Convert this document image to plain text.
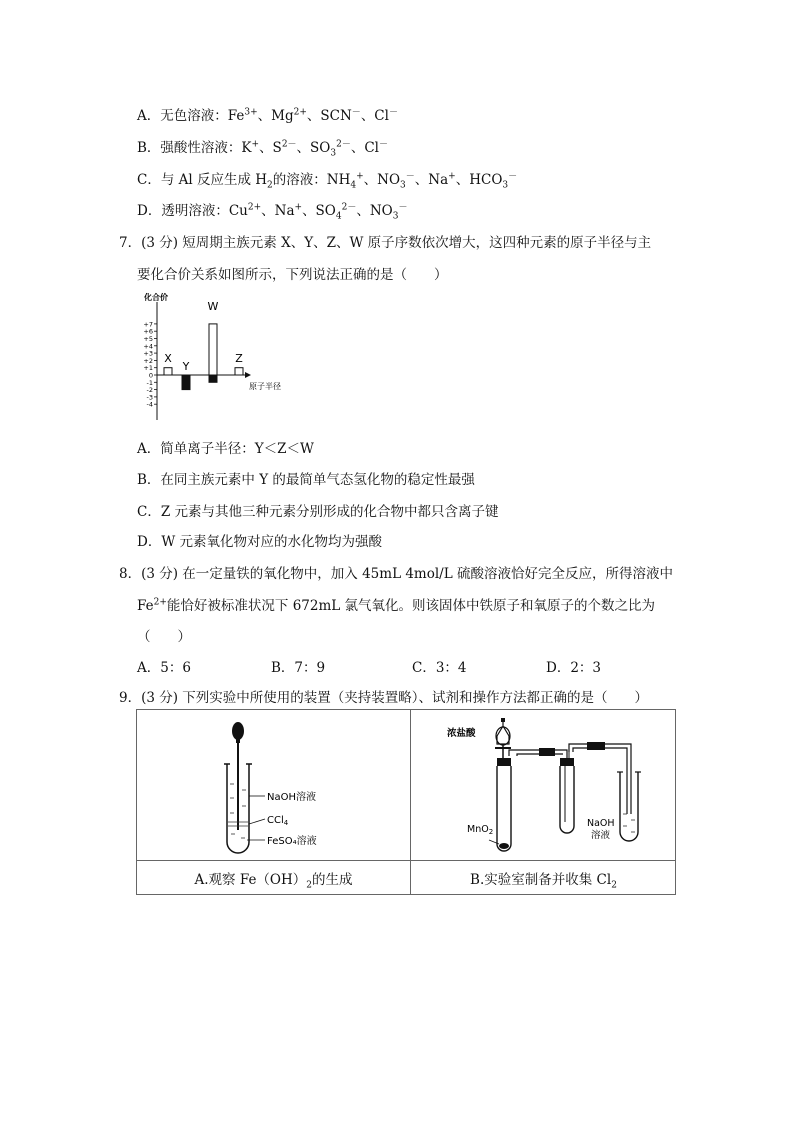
A．无色溶液：$Fe^{3+}$、$Mg^{2+}$、SCN－、Cl－
B．强酸性溶液：K+、$S^{2-}$、$SO_3^{2-}$、Cl－
C．与 Al 反应生成 $H_2$的溶液：$NH_4^+$、$NO_3^-$、Na+、$HCO_3^-$
D．透明溶液：$Cu^{2+}$、Na+、$SO_4^{2-}$、$NO_3^-$
7．(3 分) 短周期主族元素 X、Y、Z、W 原子序数依次增大，这四种元素的原子半径与主
要化合价关系如图所示，下列说法正确的是（　　）
化合价
+7
+6
+5
+4
+3
+2
+1
0
-1
-2
-3
-4
原子半径
X
Y
W
Z
A．简单离子半径：Y＜Z＜W
B．在同主族元素中 Y 的最简单气态氢化物的稳定性最强
C．Z 元素与其他三种元素分别形成的化合物中都只含离子键
D．W 元素氧化物对应的水化物均为强酸
8．(3 分) 在一定量铁的氧化物中，加入 45mL 4mol/L 硫酸溶液恰好完全反应，所得溶液中
$Fe^{2+}$能恰好被标准状况下 672mL 氯气氧化。则该固体中铁原子和氧原子的个数之比为
（　　）
A．5：6	B．7：9	C．3：4	D．2：3
9．(3 分) 下列实验中所使用的装置（夹持装置略）、试剂和操作方法都正确的是（　　）
NaOH溶液
CCl$_4$
FeSO₄溶液
A.观察 $Fe(OH)_2$的生成
浓盐酸
MnO$_2$
NaOH
溶液
B.实验室制备并收集 $Cl_2$
